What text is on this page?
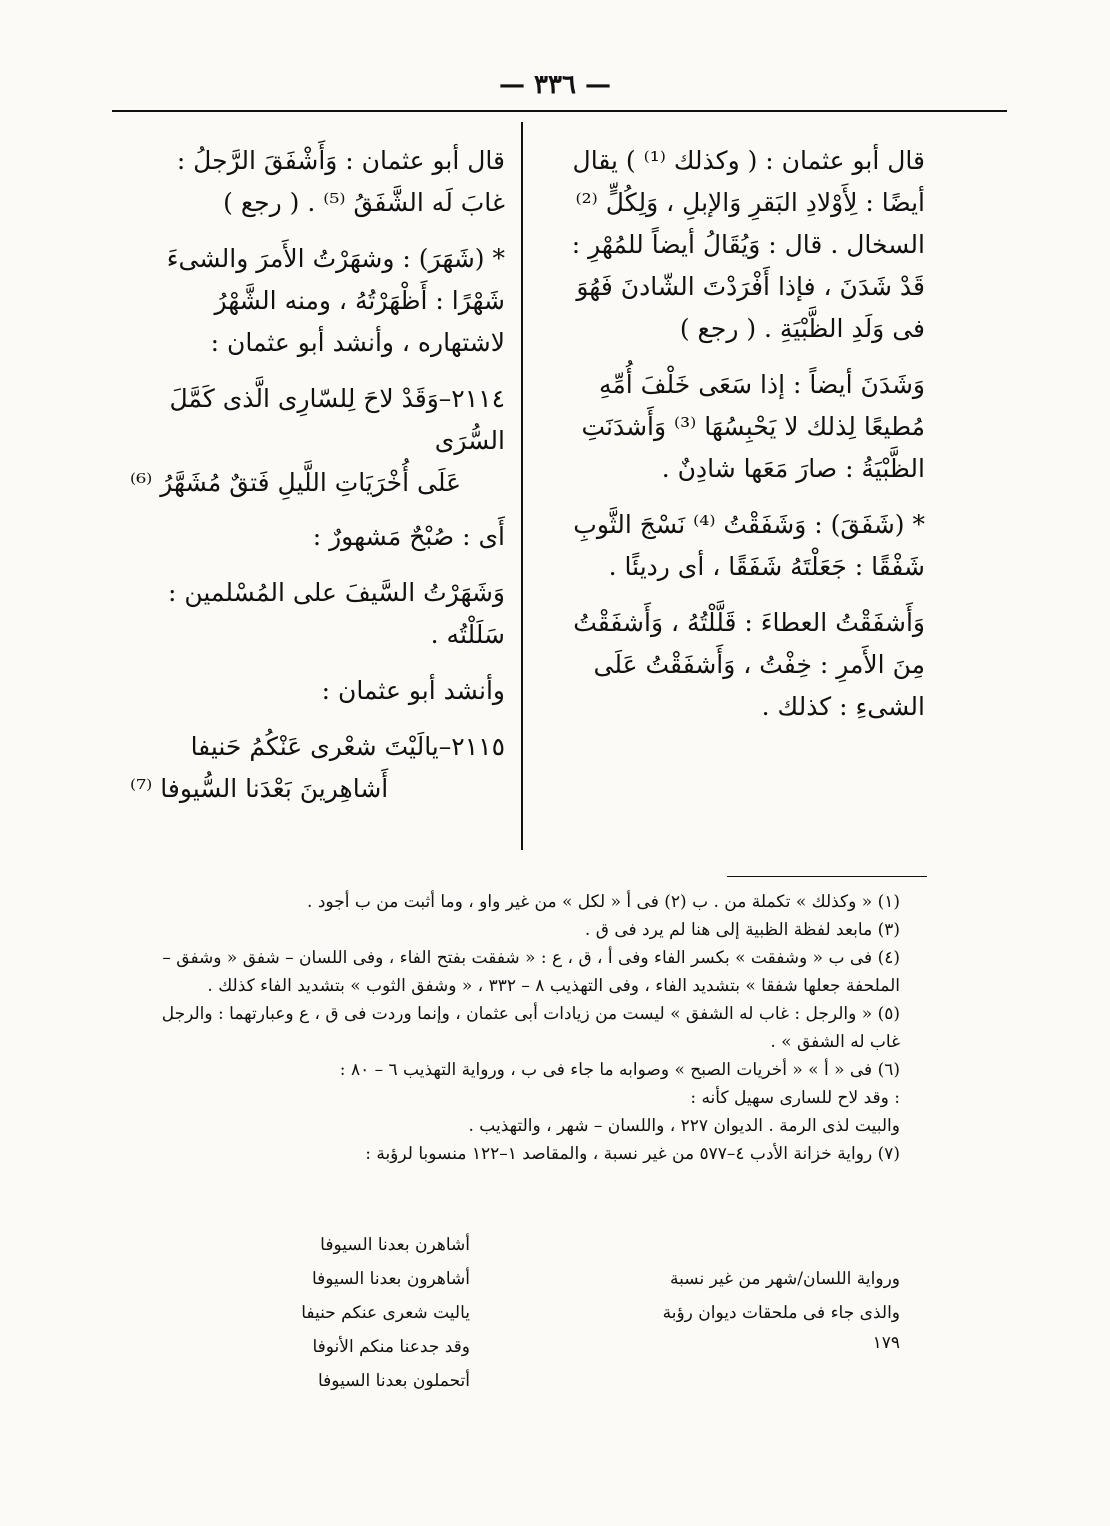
— ٣٣٦ —

قال أبو عثمان : ( وكذلك ⁽¹⁾ ) يقال أيضًا : لِأَوْلادِ البَقرِ وَالإبلِ ، وَلِكُلٍّ ⁽²⁾ السخال . قال : وَيُقَالُ أيضاً للمُهْرِ : قَدْ شَدَنَ ، فإذا أَفْرَدْتَ الشّادنَ فَهُوَ فى وَلَدِ الظَّبْيَةِ . ( رجع )

وَشَدَنَ أيضاً : إذا سَعَى خَلْفَ أُمِّهِ مُطيعًا لِذلك لا يَحْبِسُهَا ⁽³⁾ وَأَشدَنَتِ الظَّبْيَةُ : صارَ مَعَها شادِنٌ .

* (شَفَقَ) : وَشَفَقْتُ ⁽⁴⁾ نَسْجَ الثَّوبِ شَفْقًا : جَعَلْتَهُ شَفَقًا ، أى رديئًا .

وَأَشفَقْتُ العطاءَ : قَلَّلْتُهُ ، وَأَشفَقْتُ مِنَ الأَمرِ : خِفْتُ ، وَأَشفَقْتُ عَلَى الشىءِ : كذلك .

قال أبو عثمان : وَأَشْفَقَ الرَّجلُ : غابَ لَه الشَّفَقُ ⁽⁵⁾ . ( رجع )

* (شَهَرَ) : وشهَرْتُ الأَمرَ والشىءَ شَهْرًا : أَظْهَرْتُهُ ، ومنه الشَّهْرُ لاشتهاره ، وأنشد أبو عثمان :

٢١١٤–وَقَدْ لاحَ لِلسّارِى الَّذى كَمَّلَ السُّرَى
عَلَى أُخْرَيَاتِ اللَّيلِ فَتقٌ مُشَهَّرُ ⁽⁶⁾

أَى : صُبْحٌ مَشهورٌ :

وَشَهَرْتُ السَّيفَ على المُسْلمين : سَلَلْتُه .

وأنشد أبو عثمان :

٢١١٥–يالَيْتَ شعْرى عَنْكُمُ حَنيفا
أَشاهِرينَ بَعْدَنا السُّيوفا ⁽⁷⁾

(١) « وكذلك » تكملة من . ب (٢) فى أ « لكل » من غير واو ، وما أثبت من ب أجود .

(٣) مابعد لفظة الظبية إلى هنا لم يرد فى ق .

(٤) فى ب « وشفقت » بكسر الفاء وفى أ ، ق ، ع : « شفقت بفتح الفاء ، وفى اللسان – شفق « وشفق –

الملحفة جعلها شفقا » بتشديد الفاء ، وفى التهذيب ٨ – ٣٣٢ ، « وشفق الثوب » بتشديد الفاء كذلك .

(٥) « والرجل : غاب له الشفق » ليست من زيادات أبى عثمان ، وإنما وردت فى ق ، ع وعبارتهما : والرجل

غاب له الشفق » .

(٦) فى « أ » « أخريات الصبح » وصوابه ما جاء فى ب ، ورواية التهذيب ٦ – ٨٠ :

: وقد لاح للسارى سهيل كأنه :

والبيت لذى الرمة . الديوان ٢٢٧ ، واللسان – شهر ، والتهذيب .

(٧) رواية خزانة الأدب ٤–٥٧٧ من غير نسبة ، والمقاصد ١–١٢٢ منسوبا لرؤبة :

أشاهرن بعدنا السيوفا
ورواية اللسان/شهر من غير نسبة
أشاهرون بعدنا السيوفا
والذى جاء فى ملحقات ديوان رؤبة ١٧٩
ياليت شعرى عنكم حنيفا
وقد جدعنا منكم الأنوفا
أتحملون بعدنا السيوفا
